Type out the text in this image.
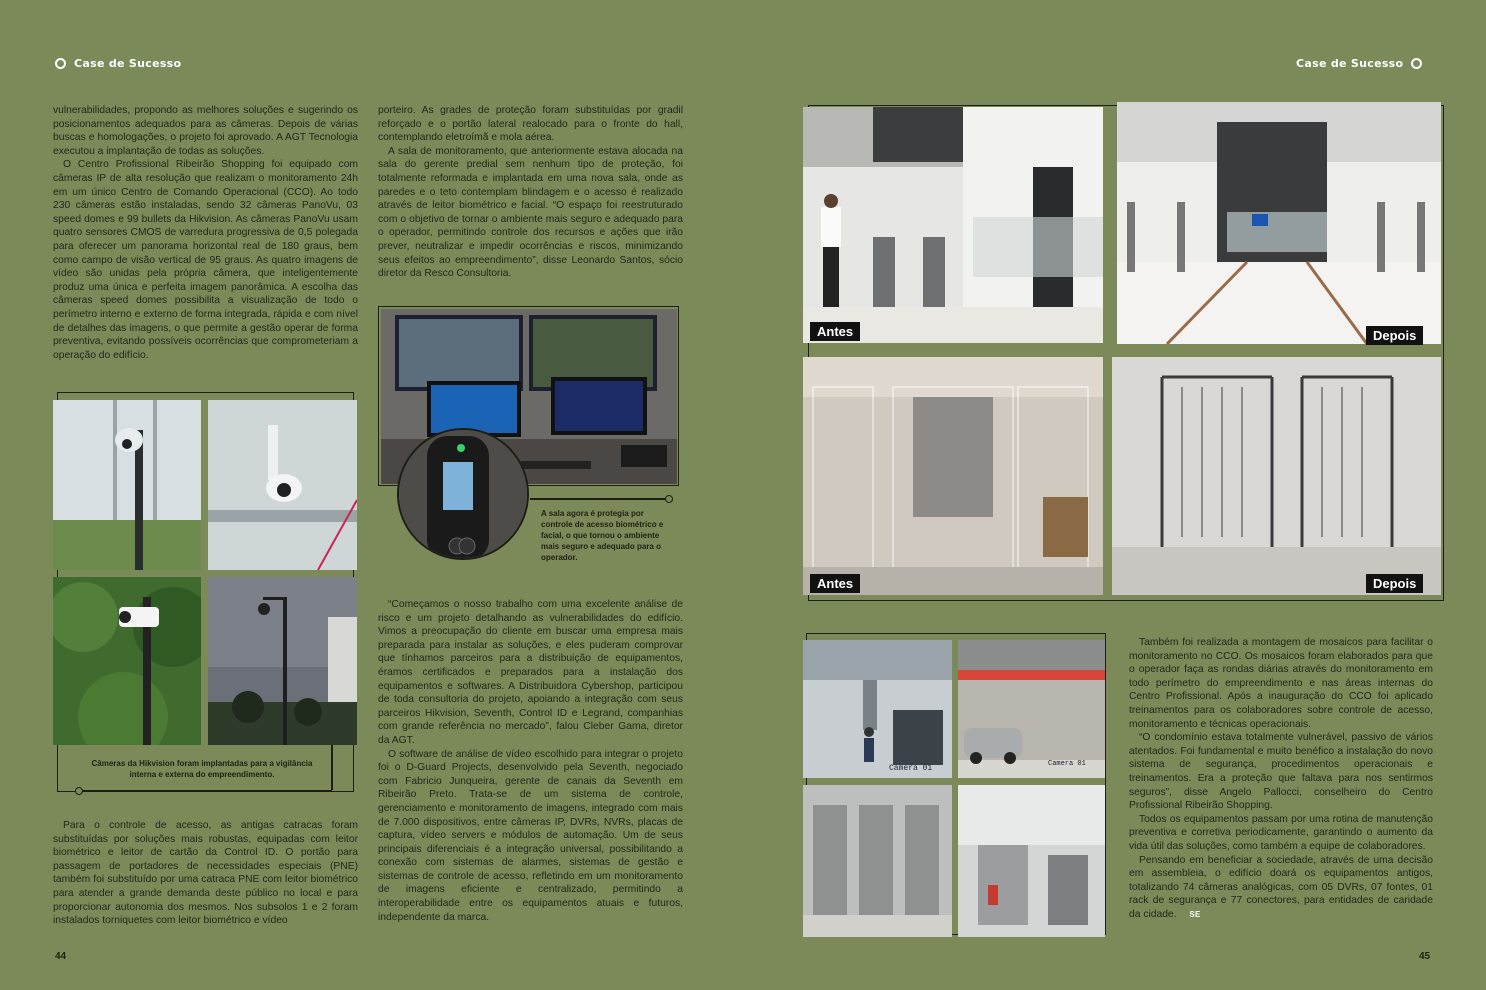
Case de Sucesso	Case de Sucesso

vulnerabilidades, propondo as melhores soluções e sugerindo os posicionamentos adequados para as câmeras. Depois de várias buscas e homologações, o projeto foi aprovado. A AGT Tecnologia executou a implantação de todas as soluções.

O Centro Profissional Ribeirão Shopping foi equipado com câmeras IP de alta resolução que realizam o monitoramento 24h em um único Centro de Comando Operacional (CCO). Ao todo 230 câmeras estão instaladas, sendo 32 câmeras PanoVu, 03 speed domes e 99 bullets da Hikvision. As câmeras PanoVu usam quatro sensores CMOS de varredura progressiva de 0,5 polegada para oferecer um panorama horizontal real de 180 graus, bem como campo de visão vertical de 95 graus. As quatro imagens de vídeo são unidas pela própria câmera, que inteligentemente produz uma única e perfeita imagem panorâmica. A escolha das câmeras speed domes possibilita a visualização de todo o perímetro interno e externo de forma integrada, rápida e com nível de detalhes das imagens, o que permite a gestão operar de forma preventiva, evitando possíveis ocorrências que comprometeriam a operação do edifício.

Câmeras da Hikvision foram implantadas para a vigilância interna e externa do empreendimento.

Para o controle de acesso, as antigas catracas foram substituídas por soluções mais robustas, equipadas com leitor biométrico e leitor de cartão da Control ID. O portão para passagem de portadores de necessidades especiais (PNE) também foi substituído por uma catraca PNE com leitor biométrico para atender a grande demanda deste público no local e para proporcionar autonomia dos mesmos. Nos subsolos 1 e 2 foram instalados torniquetes com leitor biométrico e vídeo

porteiro. As grades de proteção foram substituídas por gradil reforçado e o portão lateral realocado para o fronte do hall, contemplando eletroímã e mola aérea.

A sala de monitoramento, que anteriormente estava alocada na sala do gerente predial sem nenhum tipo de proteção, foi totalmente reformada e implantada em uma nova sala, onde as paredes e o teto contemplam blindagem e o acesso é realizado através de leitor biométrico e facial. “O espaço foi reestruturado com o objetivo de tornar o ambiente mais seguro e adequado para o operador, permitindo controle dos recursos e ações que irão prever, neutralizar e impedir ocorrências e riscos, minimizando seus efeitos ao empreendimento”, disse Leonardo Santos, sócio diretor da Resco Consultoria.

A sala agora é protegia por controle de acesso biométrico e facial, o que tornou o ambiente mais seguro e adequado para o operador.

“Começamos o nosso trabalho com uma excelente análise de risco e um projeto detalhando as vulnerabilidades do edifício. Vimos a preocupação do cliente em buscar uma empresa mais preparada para instalar as soluções, e eles puderam comprovar que tínhamos parceiros para a distribuição de equipamentos, éramos certificados e preparados para a instalação dos equipamentos e softwares. A Distribuidora Cybershop, participou de toda consultoria do projeto, apoiando a integração com seus parceiros Hikvision, Seventh, Control ID e Legrand, companhias com grande referência no mercado”, falou Cleber Gama, diretor da AGT.

O software de análise de vídeo escolhido para integrar o projeto foi o D-Guard Projects, desenvolvido pela Seventh, negociado com Fabricio Junqueira, gerente de canais da Seventh em Ribeirão Preto. Trata-se de um sistema de controle, gerenciamento e monitoramento de imagens, integrado com mais de 7.000 dispositivos, entre câmeras IP, DVRs, NVRs, placas de captura, vídeo servers e módulos de automação. Um de seus principais diferenciais é a integração universal, possibilitando a conexão com sistemas de alarmes, sistemas de gestão e sistemas de controle de acesso, refletindo em um monitoramento de imagens eficiente e centralizado, permitindo a interoperabilidade entre os equipamentos atuais e futuros, independente da marca.

44
Antes	Depois
Antes	Depois
Camera 01	Camera 01

Também foi realizada a montagem de mosaicos para facilitar o monitoramento no CCO. Os mosaicos foram elaborados para que o operador faça as rondas diárias através do monitoramento em todo perímetro do empreendimento e nas áreas internas do Centro Profissional. Após a inauguração do CCO foi aplicado treinamentos para os colaboradores sobre controle de acesso, monitoramento e técnicas operacionais.

“O condomínio estava totalmente vulnerável, passivo de vários atentados. Foi fundamental e muito benéfico a instalação do novo sistema de segurança, procedimentos operacionais e treinamentos. Era a proteção que faltava para nos sentirmos seguros”, disse Angelo Pallocci, conselheiro do Centro Profissional Ribeirão Shopping.

Todos os equipamentos passam por uma rotina de manutenção preventiva e corretiva periodicamente, garantindo o aumento da vida útil das soluções, como também a equipe de colaboradores.

Pensando em beneficiar a sociedade, através de uma decisão em assembleia, o edifício doará os equipamentos antigos, totalizando 74 câmeras analógicas, com 05 DVRs, 07 fontes, 01 rack de segurança e 77 conectores, para entidades de caridade da cidade. SE

45
